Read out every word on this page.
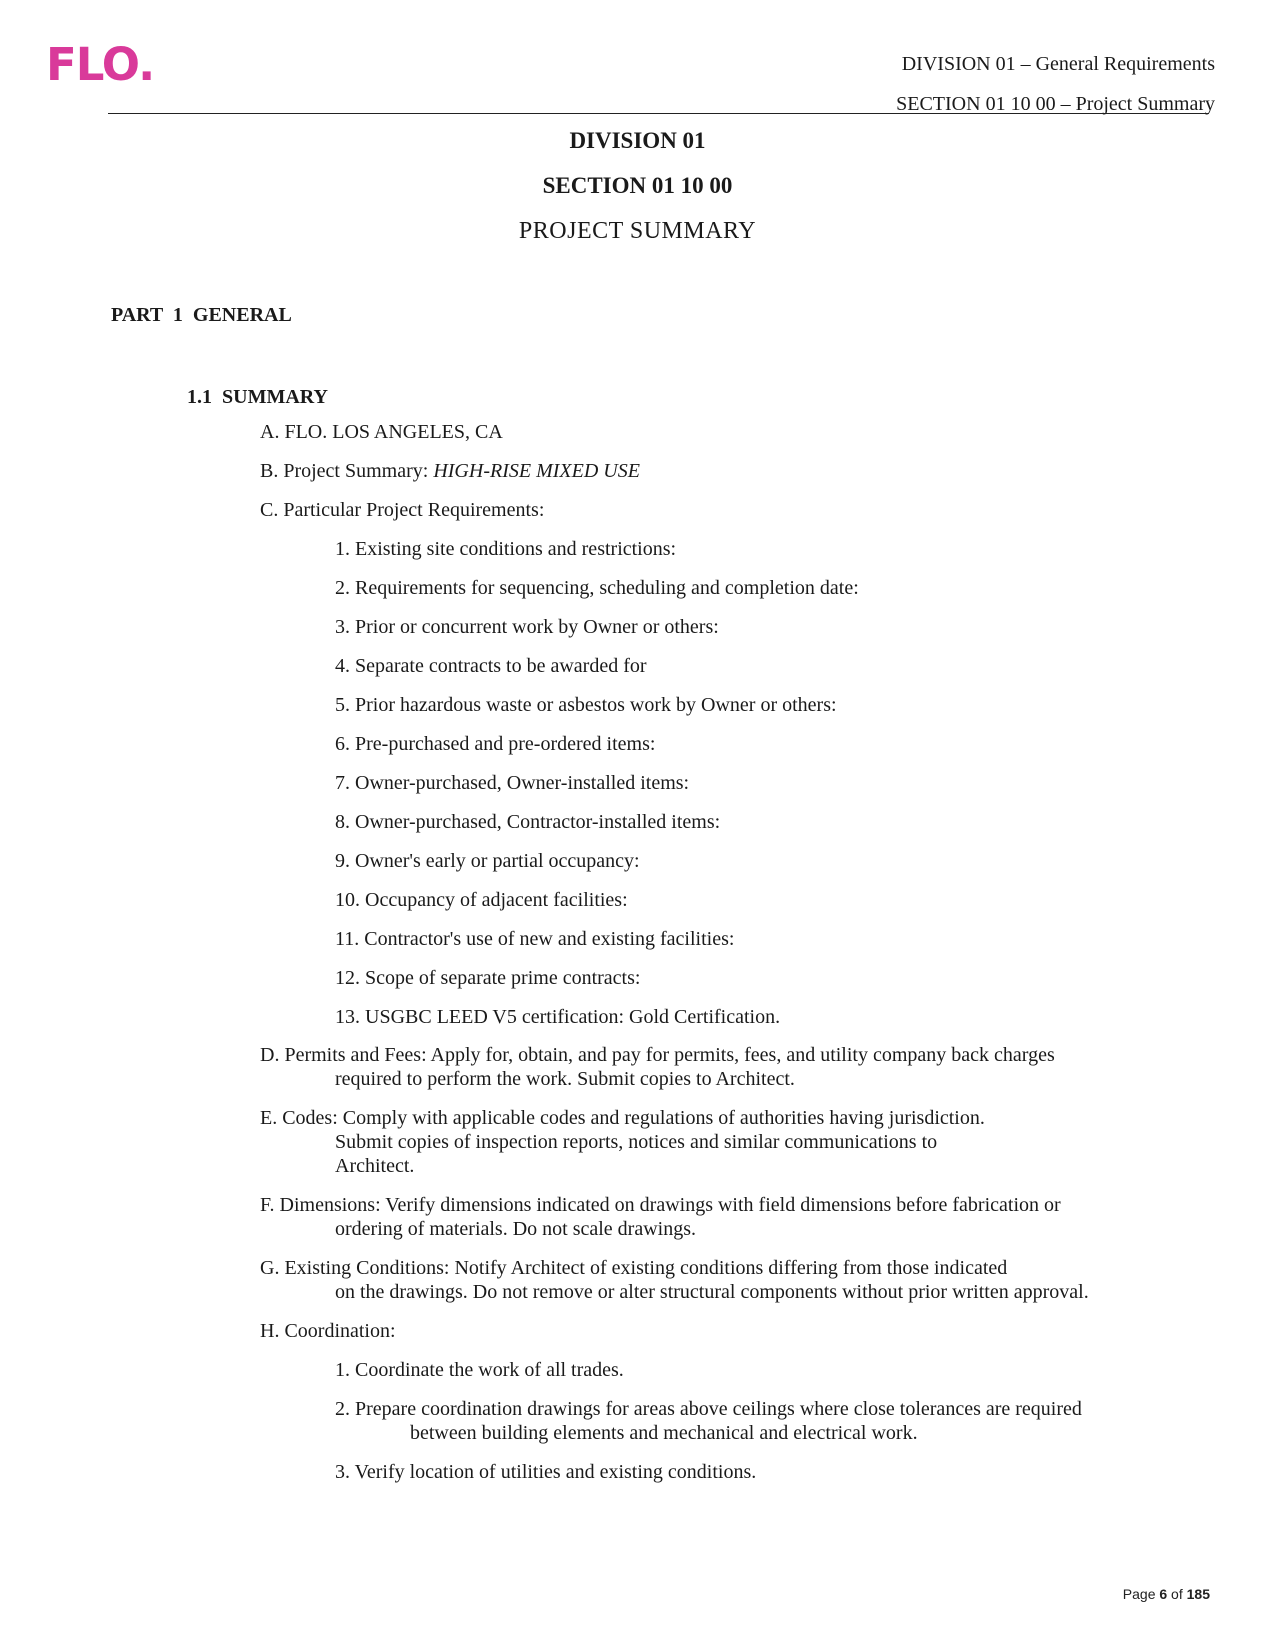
FLO.	DIVISION 01 – General Requirements
SECTION 01 10 00 – Project Summary
DIVISION 01
SECTION 01 10 00
PROJECT SUMMARY
PART  1  GENERAL
1.1  SUMMARY
A. FLO. LOS ANGELES, CA
B. Project Summary: HIGH-RISE MIXED USE
C. Particular Project Requirements:
1. Existing site conditions and restrictions:
2. Requirements for sequencing, scheduling and completion date:
3. Prior or concurrent work by Owner or others:
4. Separate contracts to be awarded for
5. Prior hazardous waste or asbestos work by Owner or others:
6. Pre-purchased and pre-ordered items:
7. Owner-purchased, Owner-installed items:
8. Owner-purchased, Contractor-installed items:
9. Owner's early or partial occupancy:
10. Occupancy of adjacent facilities:
11. Contractor's use of new and existing facilities:
12. Scope of separate prime contracts:
13. USGBC LEED V5 certification: Gold Certification.
D. Permits and Fees: Apply for, obtain, and pay for permits, fees, and utility company back charges
required to perform the work. Submit copies to Architect.
E. Codes: Comply with applicable codes and regulations of authorities having jurisdiction.
Submit copies of inspection reports, notices and similar communications to
Architect.
F. Dimensions: Verify dimensions indicated on drawings with field dimensions before fabrication or
ordering of materials. Do not scale drawings.
G. Existing Conditions: Notify Architect of existing conditions differing from those indicated
on the drawings. Do not remove or alter structural components without prior written approval.
H. Coordination:
1. Coordinate the work of all trades.
2. Prepare coordination drawings for areas above ceilings where close tolerances are required
between building elements and mechanical and electrical work.
3. Verify location of utilities and existing conditions.
Page 6 of 185
